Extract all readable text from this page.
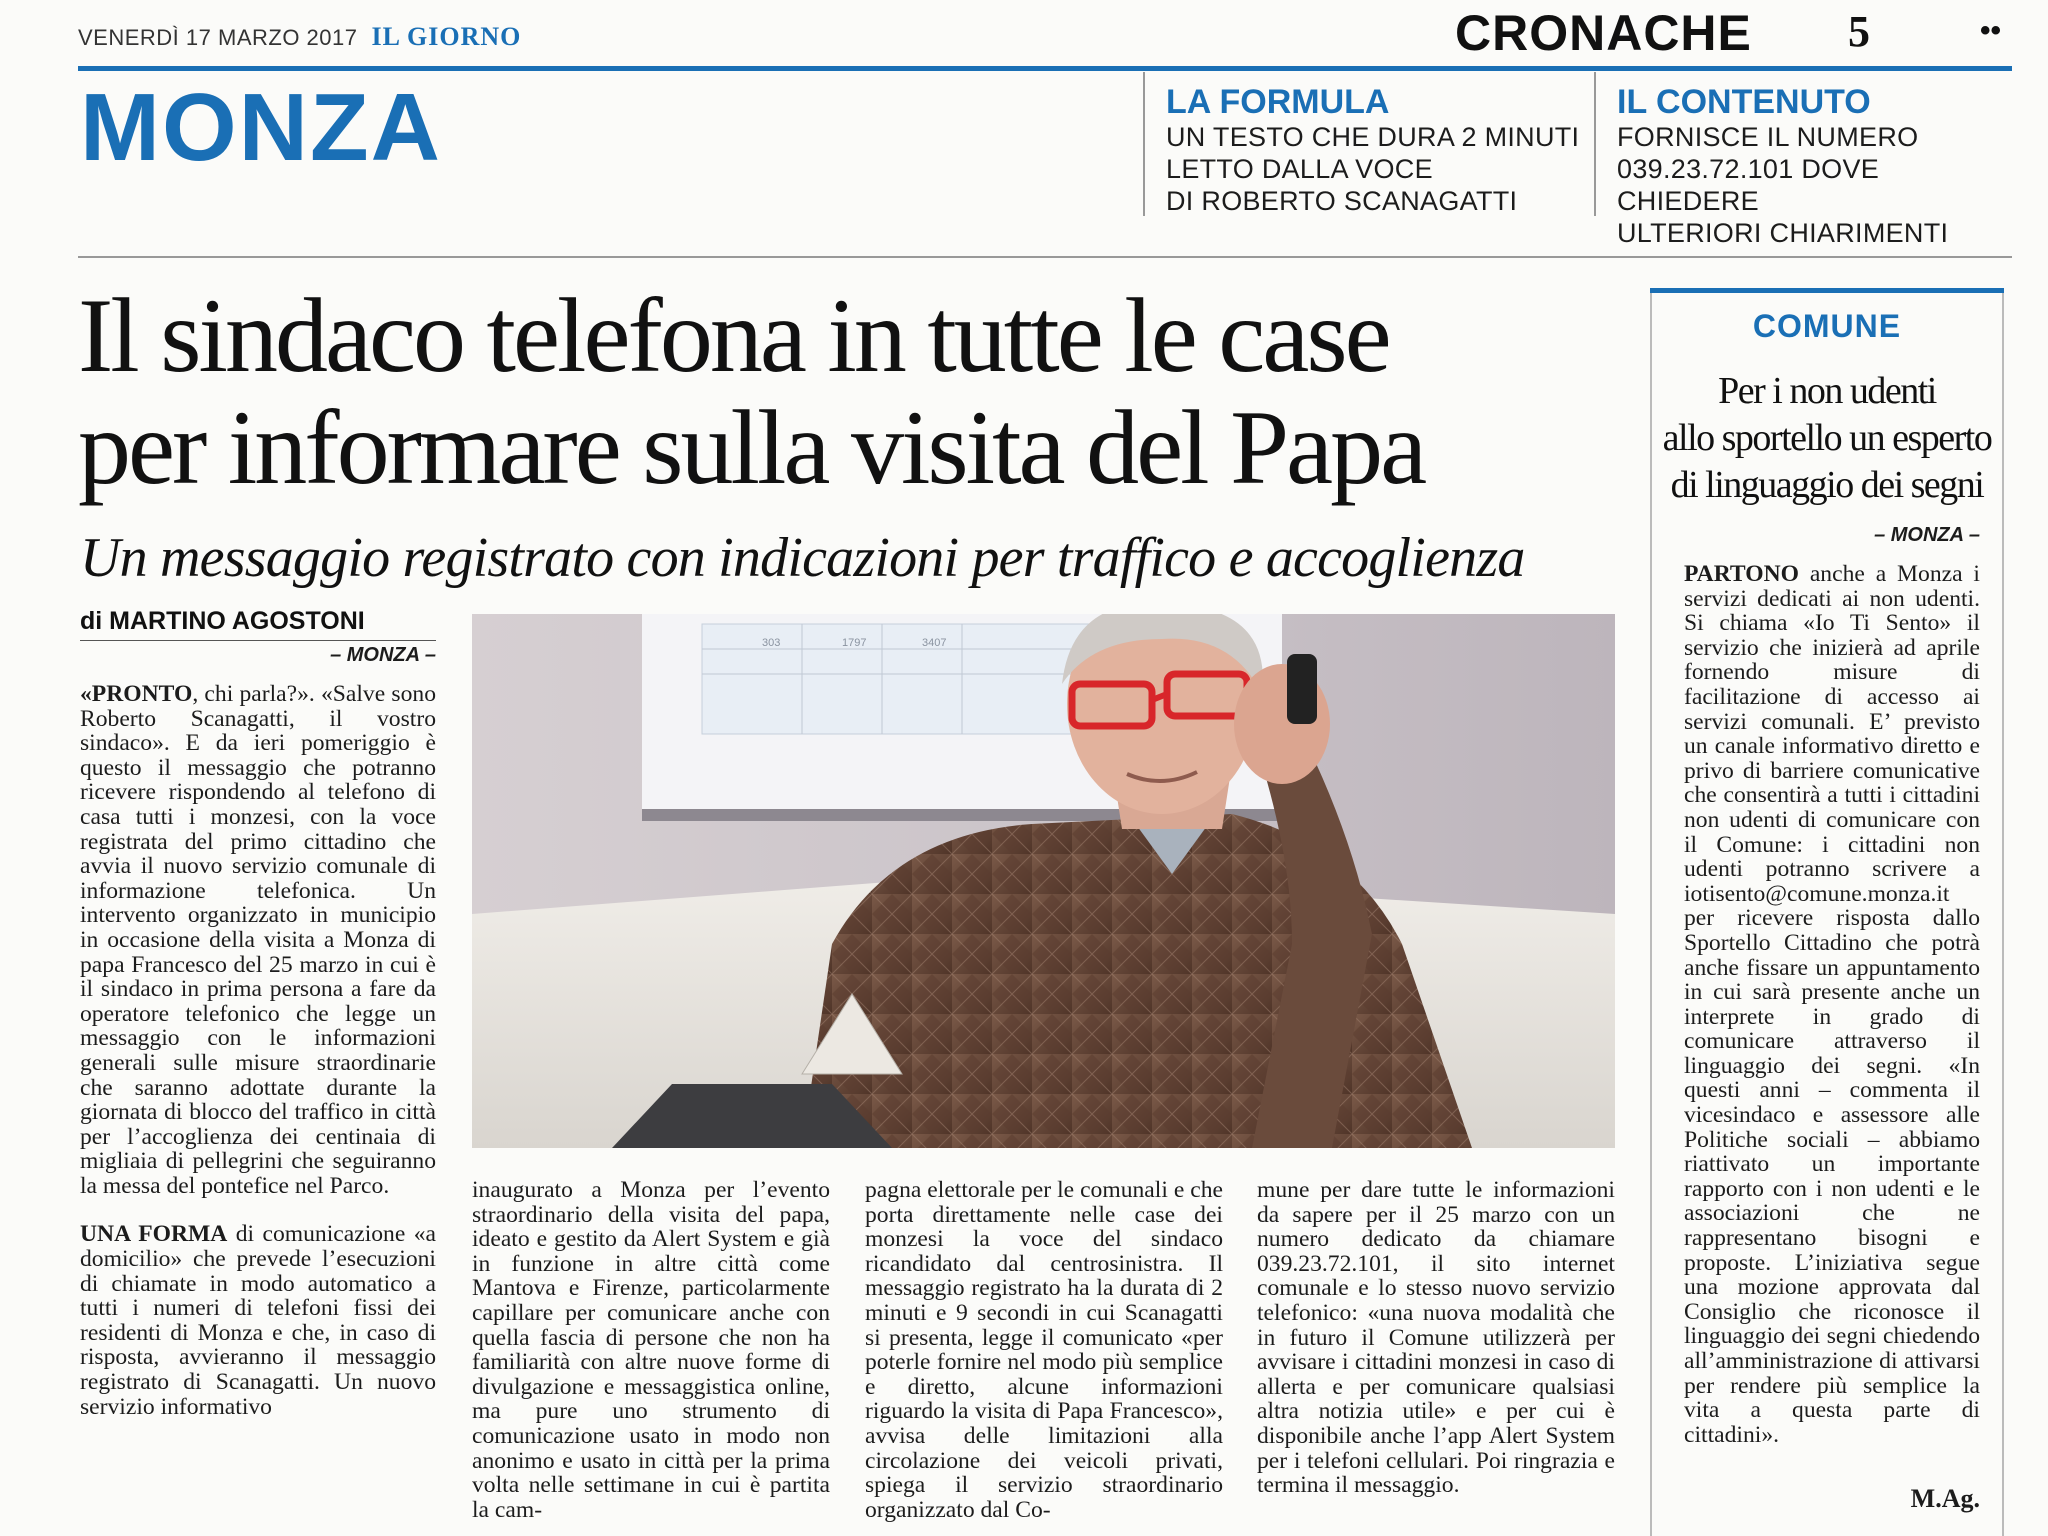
VENERDÌ 17 MARZO 2017 IL GIORNO	CRONACHE 5	••
MONZA	LA FORMULA
UN TESTO CHE DURA 2 MINUTI
LETTO DALLA VOCE
DI ROBERTO SCANAGATTI
IL CONTENUTO
FORNISCE IL NUMERO
039.23.72.101 DOVE CHIEDERE
ULTERIORI CHIARIMENTI
Il sindaco telefona in tutte le case
per informare sulla visita del Papa
Un messaggio registrato con indicazioni per traffico e accoglienza
di MARTINO AGOSTONI
– MONZA –

«PRONTO, chi parla?». «Salve sono Roberto Scanagatti, il vostro sindaco». E da ieri pomeriggio è questo il messaggio che potranno ricevere rispondendo al telefono di casa tutti i monzesi, con la voce registrata del primo cittadino che avvia il nuovo servizio comunale di informazione telefonica. Un intervento organizzato in municipio in occasione della visita a Monza di papa Francesco del 25 marzo in cui è il sindaco in prima persona a fare da operatore telefonico che legge un messaggio con le informazioni generali sulle misure straordinarie che saranno adottate durante la giornata di blocco del traffico in città per l’accoglienza dei centinaia di migliaia di pellegrini che seguiranno la messa del pontefice nel Parco.

UNA FORMA di comunicazione «a domicilio» che prevede l’esecuzioni di chiamate in modo automatico a tutti i numeri di telefoni fissi dei residenti di Monza e che, in caso di risposta, avvieranno il messaggio registrato di Scanagatti. Un nuovo servizio informativo

303	1797	3407

inaugurato a Monza per l’evento straordinario della visita del papa, ideato e gestito da Alert System e già in funzione in altre città come Mantova e Firenze, particolarmente capillare per comunicare anche con quella fascia di persone che non ha familiarità con altre nuove forme di divulgazione e messaggistica online, ma pure uno strumento di comunicazione usato in modo non anonimo e usato in città per la prima volta nelle settimane in cui è partita la cam-

pagna elettorale per le comunali e che porta direttamente nelle case dei monzesi la voce del sindaco ricandidato dal centrosinistra. Il messaggio registrato ha la durata di 2 minuti e 9 secondi in cui Scanagatti si presenta, legge il comunicato «per poterle fornire nel modo più semplice e diretto, alcune informazioni riguardo la visita di Papa Francesco», avvisa delle limitazioni alla circolazione dei veicoli privati, spiega il servizio straordinario organizzato dal Co-

mune per dare tutte le informazioni da sapere per il 25 marzo con un numero dedicato da chiamare 039.23.72.101, il sito internet comunale e lo stesso nuovo servizio telefonico: «una nuova modalità che in futuro il Comune utilizzerà per avvisare i cittadini monzesi in caso di allerta e per comunicare qualsiasi altra notizia utile» e per cui è disponibile anche l’app Alert System per i telefoni cellulari. Poi ringrazia e termina il messaggio.

COMUNE
Per i non udenti
allo sportello un esperto
di linguaggio dei segni
– MONZA –

PARTONO anche a Monza i servizi dedicati ai non udenti. Si chiama «Io Ti Sento» il servizio che inizierà ad aprile fornendo misure di facilitazione di accesso ai servizi comunali. E’ previsto un canale informativo diretto e privo di barriere comunicative che consentirà a tutti i cittadini non udenti di comunicare con il Comune: i cittadini non udenti potranno scrivere a iotisento@comune.monza.it per ricevere risposta dallo Sportello Cittadino che potrà anche fissare un appuntamento in cui sarà presente anche un interprete in grado di comunicare attraverso il linguaggio dei segni. «In questi anni – commenta il vicesindaco e assessore alle Politiche sociali – abbiamo riattivato un importante rapporto con i non udenti e le associazioni che ne rappresentano bisogni e proposte. L’iniziativa segue una mozione approvata dal Consiglio che riconosce il linguaggio dei segni chiedendo all’amministrazione di attivarsi per rendere più semplice la vita a questa parte di cittadini».

M.Ag.
